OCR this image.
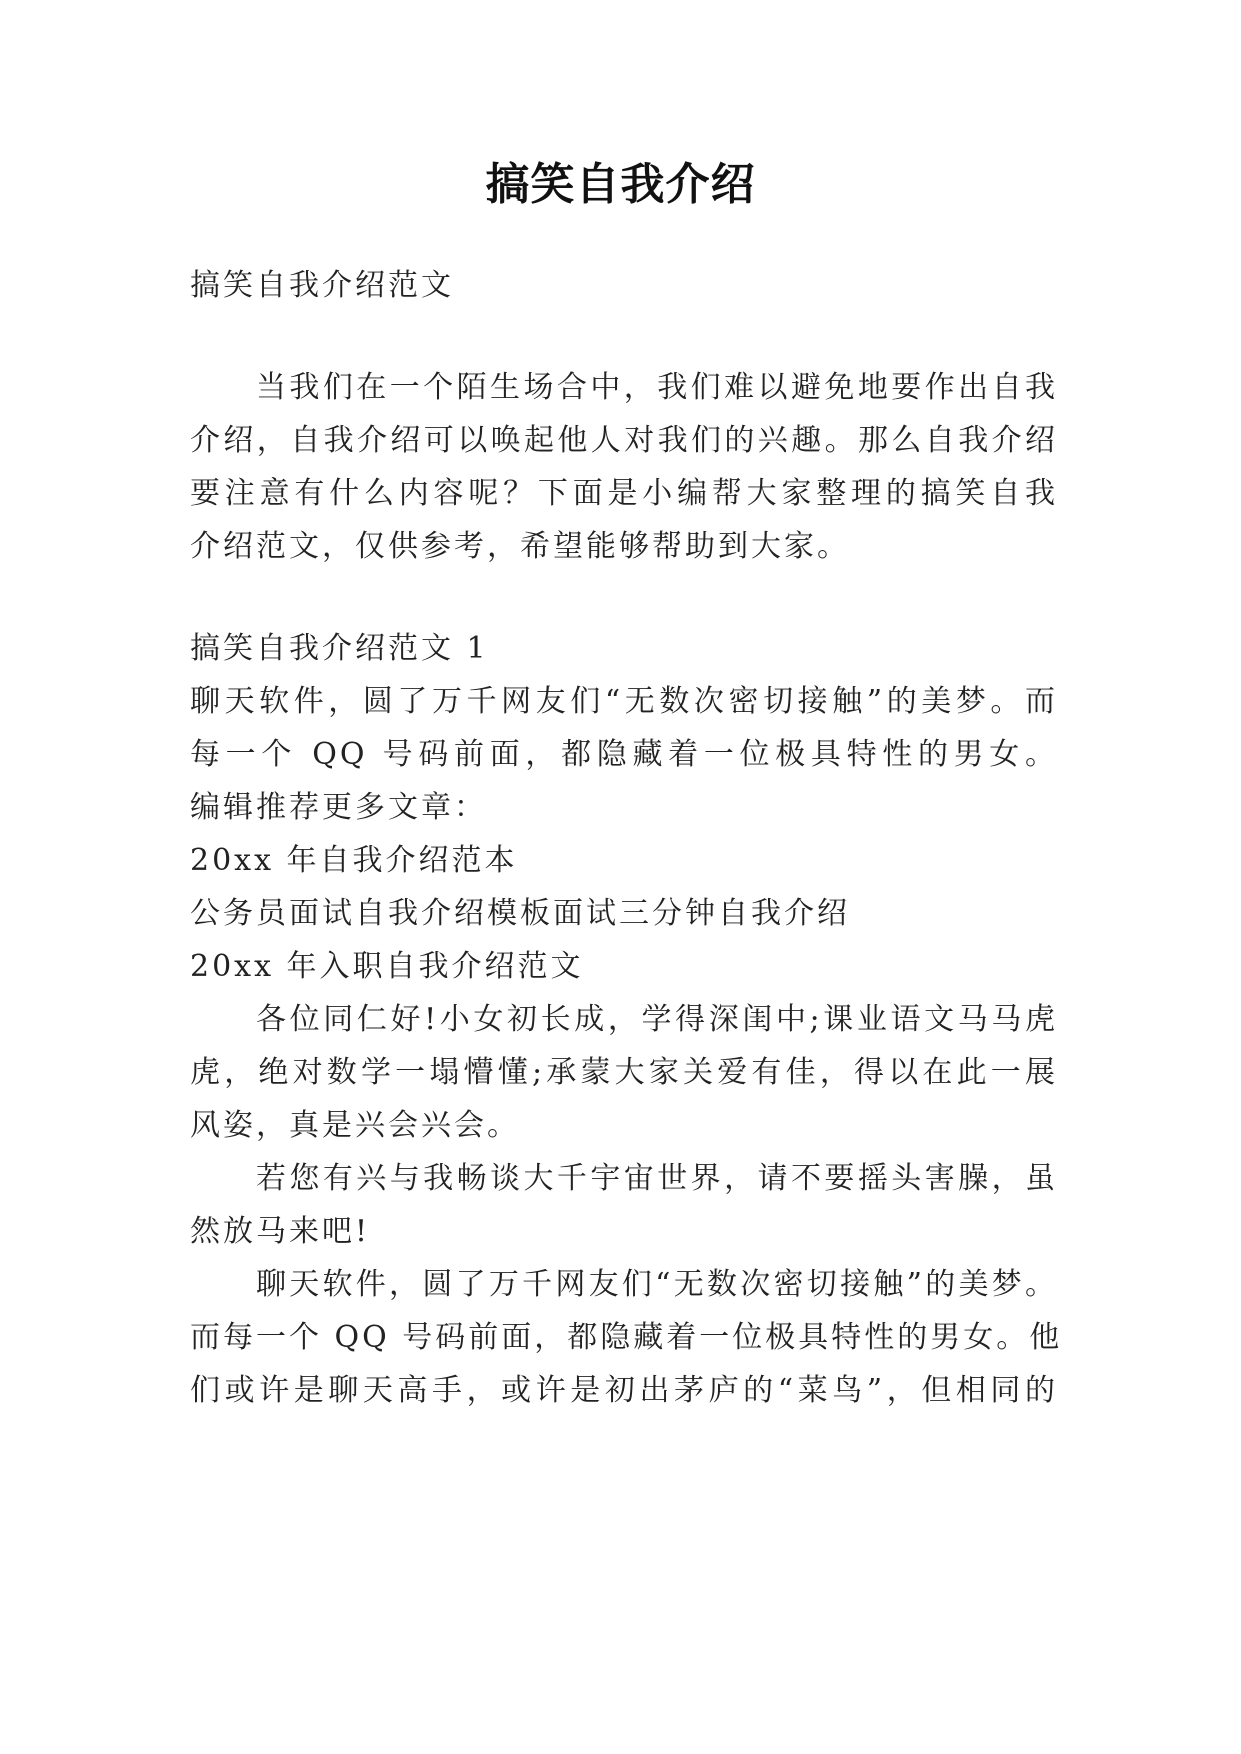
搞笑自我介绍

搞笑自我介绍范文

当我们在一个陌生场合中，我们难以避免地要作出自我

介绍，自我介绍可以唤起他人对我们的兴趣。那么自我介绍

要注意有什么内容呢？下面是小编帮大家整理的搞笑自我

介绍范文，仅供参考，希望能够帮助到大家。

搞笑自我介绍范文 1

聊天软件，圆了万千网友们“无数次密切接触”的美梦。而

每一个 QQ 号码前面，都隐藏着一位极具特性的男女。

编辑推荐更多文章：

20xx 年自我介绍范本

公务员面试自我介绍模板面试三分钟自我介绍

20xx 年入职自我介绍范文

各位同仁好!小女初长成，学得深闺中;课业语文马马虎

虎，绝对数学一塌懵懂;承蒙大家关爱有佳，得以在此一展

风姿，真是兴会兴会。

若您有兴与我畅谈大千宇宙世界，请不要摇头害臊，虽

然放马来吧!

聊天软件，圆了万千网友们“无数次密切接触”的美梦。

而每一个 QQ 号码前面，都隐藏着一位极具特性的男女。他

们或许是聊天高手，或许是初出茅庐的“菜鸟”，但相同的
